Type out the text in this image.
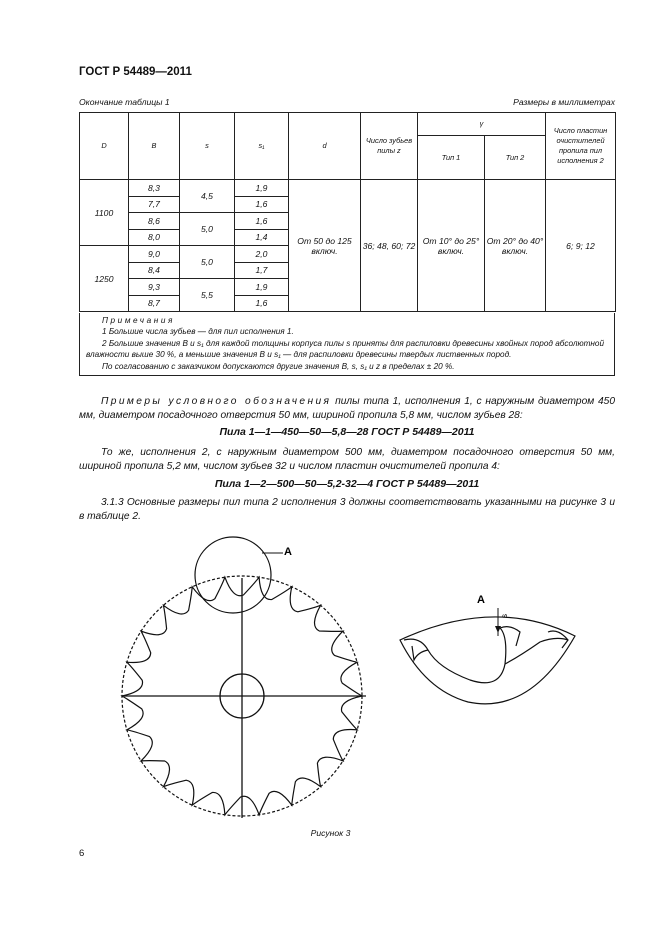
ГОСТ Р 54489—2011
Окончание таблицы 1	Размеры в миллиметрах
D	B	s	s₁	d	Число зубьев пилы z	γ		Число пластин очистителей пропила пил исполнения 2
						Тип 1	Тип 2	
1100	8,3	4,5	1,9	От 50 до 125 включ.	36; 48, 60; 72	От 10° до 25° включ.	От 20° до 40° включ.	6; 9; 12
	7,7		1,6					
	8,6	5,0	1,6					
	8,0		1,4					
1250	9,0	5,0	2,0					
	8,4		1,7					
	9,3	5,5	1,9					
	8,7		1,6					

Примечания

1 Большие числа зубьев — для пил исполнения 1.

2 Большие значения B и s₁ для каждой толщины корпуса пилы s приняты для распиловки древесины хвойных пород абсолютной влажности выше 30 %, а меньшие значения B и s₁ — для распиловки древесины твердых лиственных пород.

По согласованию с заказчиком допускаются другие значения B, s, s₁ и z в пределах ± 20 %.

Примеры условного обозначения пилы типа 1, исполнения 1, с наружным диаметром 450 мм, диаметром посадочного отверстия 50 мм, шириной пропила 5,8 мм, числом зубьев 28:
Пила 1—1—450—50—5,8—28 ГОСТ Р 54489—2011
То же, исполнения 2, с наружным диаметром 500 мм, диаметром посадочного отверстия 50 мм, шириной пропила 5,2 мм, числом зубьев 32 и числом пластин очистителей пропила 4:
Пила 1—2—500—50—5,2-32—4 ГОСТ Р 54489—2011
3.1.3 Основные размеры пил типа 2 исполнения 3 должны соответствовать указанными на рисунке 3 и в таблице 2.
A
s
A
Рисунок 3
6
